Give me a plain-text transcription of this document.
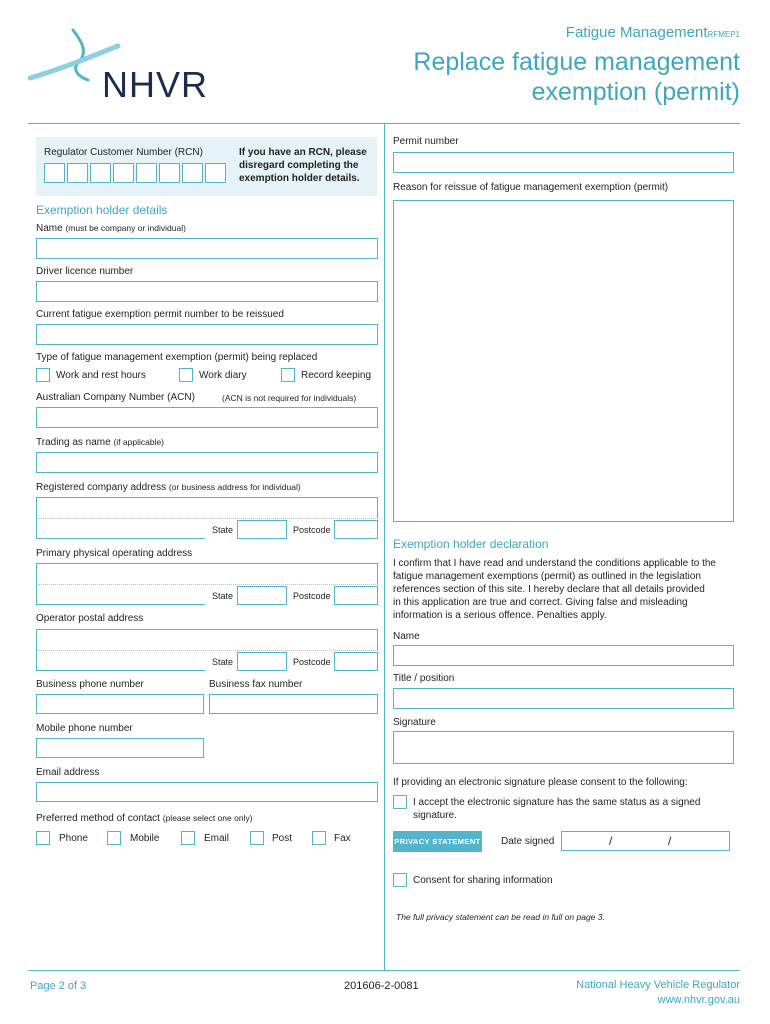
NHVR
Fatigue ManagementRFMEP1
Replace fatigue management
exemption (permit)
Regulator Customer Number (RCN)	If you have an RCN, please
disregard completing the
exemption holder details.
Exemption holder details
Name (must be company or individual)
Driver licence number
Current fatigue exemption permit number to be reissued
Type of fatigue management exemption (permit) being replaced
Work and rest hours	Work diary	Record keeping
Australian Company Number (ACN)	(ACN is not required for individuals)
Trading as name (if applicable)
Registered company address (or business address for individual)
State	Postcode
Primary physical operating address
State	Postcode
Operator postal address
State	Postcode
Business phone number	Business fax number
Mobile phone number
Email address
Preferred method of contact (please select one only)
Phone	Mobile	Email	Post	Fax
Permit number
Reason for reissue of fatigue management exemption (permit)
Exemption holder declaration
I confirm that I have read and understand the conditions applicable to the
fatigue management exemptions (permit) as outlined in the legislation
references section of this site. I hereby declare that all details provided
in this application are true and correct. Giving false and misleading
information is a serious offence. Penalties apply.
Name
Title / position
Signature
If providing an electronic signature please consent to the following:
I accept the electronic signature has the same status as a signed
signature.
PRIVACY STATEMENT Date signed	/	/
Consent for sharing information
The full privacy statement can be read in full on page 3.
Page 2 of 3	201606-2-0081	National Heavy Vehicle Regulator
www.nhvr.gov.au
